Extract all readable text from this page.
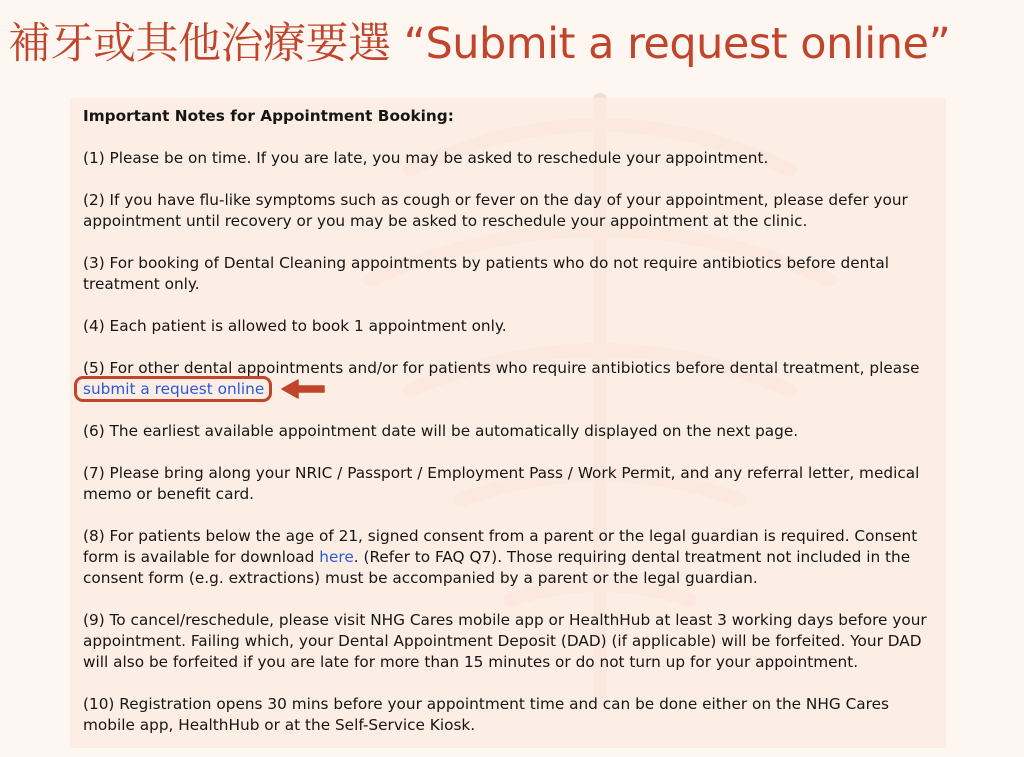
補牙或其他治療要選 “Submit a request online”
Important Notes for Appointment Booking:
(1) Please be on time. If you are late, you may be asked to reschedule your appointment.
(2) If you have flu-like symptoms such as cough or fever on the day of your appointment, please defer your appointment until recovery or you may be asked to reschedule your appointment at the clinic.
(3) For booking of Dental Cleaning appointments by patients who do not require antibiotics before dental treatment only.
(4) Each patient is allowed to book 1 appointment only.
(5) For other dental appointments and/or for patients who require antibiotics before dental treatment, please submit a request online
(6) The earliest available appointment date will be automatically displayed on the next page.
(7) Please bring along your NRIC / Passport / Employment Pass / Work Permit, and any referral letter, medical memo or benefit card.
(8) For patients below the age of 21, signed consent from a parent or the legal guardian is required. Consent form is available for download here. (Refer to FAQ Q7). Those requiring dental treatment not included in the consent form (e.g. extractions) must be accompanied by a parent or the legal guardian.
(9) To cancel/reschedule, please visit NHG Cares mobile app or HealthHub at least 3 working days before your appointment. Failing which, your Dental Appointment Deposit (DAD) (if applicable) will be forfeited. Your DAD will also be forfeited if you are late for more than 15 minutes or do not turn up for your appointment.
(10) Registration opens 30 mins before your appointment time and can be done either on the NHG Cares mobile app, HealthHub or at the Self-Service Kiosk.
